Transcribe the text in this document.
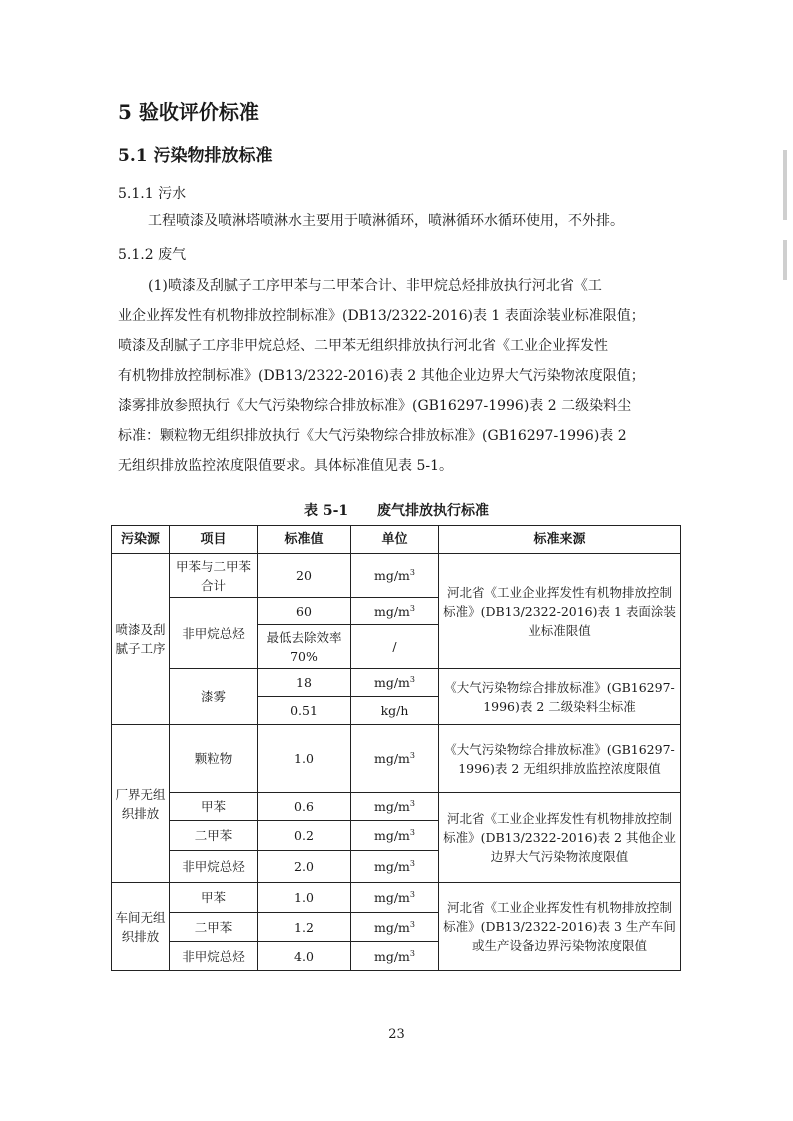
5 验收评价标准
5.1 污染物排放标准
5.1.1 污水
工程喷漆及喷淋塔喷淋水主要用于喷淋循环，喷淋循环水循环使用，不外排。
5.1.2 废气
(1)喷漆及刮腻子工序甲苯与二甲苯合计、非甲烷总烃排放执行河北省《工
业企业挥发性有机物排放控制标准》(DB13/2322-2016)表 1 表面涂装业标准限值；
喷漆及刮腻子工序非甲烷总烃、二甲苯无组织排放执行河北省《工业企业挥发性
有机物排放控制标准》(DB13/2322-2016)表 2 其他企业边界大气污染物浓度限值；
漆雾排放参照执行《大气污染物综合排放标准》(GB16297-1996)表 2 二级染料尘
标准：颗粒物无组织排放执行《大气污染物综合排放标准》(GB16297-1996)表 2
无组织排放监控浓度限值要求。具体标准值见表 5-1。
表 5-1 废气排放执行标准
污染源	项目	标准值	单位	标准来源
喷漆及刮腻子工序	甲苯与二甲苯合计	20	$mg/m^3$	河北省《工业企业挥发性有机物排放控制标准》(DB13/2322-2016)表 1 表面涂装业标准限值
	非甲烷总烃	60	$mg/m^3$
		最低去除效率70%	/	
	漆雾	18	$mg/m^3$	《大气污染物综合排放标准》(GB16297-1996)表 2 二级染料尘标准
		0.51	kg/h	
厂界无组织排放	颗粒物	1.0	$mg/m^3$	《大气污染物综合排放标准》(GB16297-1996)表 2 无组织排放监控浓度限值
	甲苯	0.6	$mg/m^3$	河北省《工业企业挥发性有机物排放控制标准》(DB13/2322-2016)表 2 其他企业边界大气污染物浓度限值
	二甲苯	0.2	$mg/m^3$
	非甲烷总烃	2.0	$mg/m^3$
车间无组织排放	甲苯	1.0	$mg/m^3$	河北省《工业企业挥发性有机物排放控制标准》(DB13/2322-2016)表 3 生产车间或生产设备边界污染物浓度限值
	二甲苯	1.2	$mg/m^3$
	非甲烷总烃	4.0	$mg/m^3$
23
